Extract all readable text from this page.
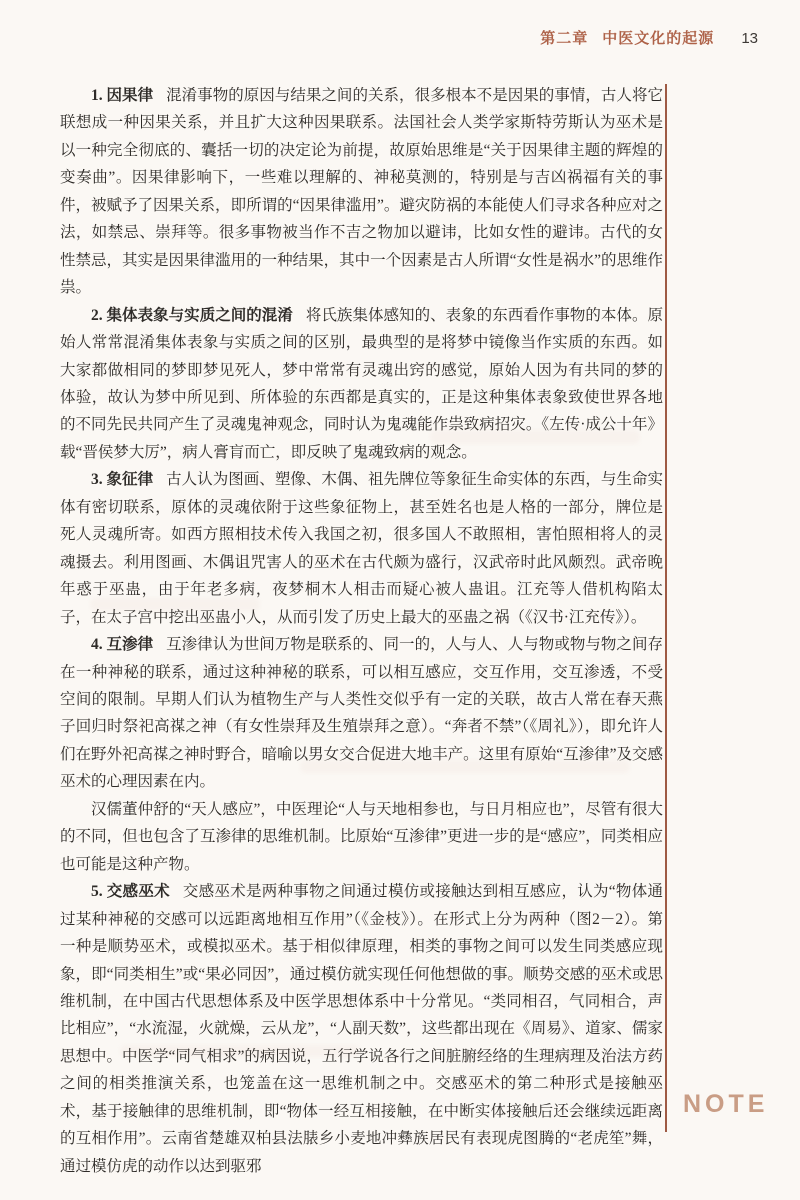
第二章 中医文化的起源 13

1. 因果律 混淆事物的原因与结果之间的关系，很多根本不是因果的事情，古人将它联想成一种因果关系，并且扩大这种因果联系。法国社会人类学家斯特劳斯认为巫术是以一种完全彻底的、囊括一切的决定论为前提，故原始思维是“关于因果律主题的辉煌的变奏曲”。因果律影响下，一些难以理解的、神秘莫测的，特别是与吉凶祸福有关的事件，被赋予了因果关系，即所谓的“因果律滥用”。避灾防祸的本能使人们寻求各种应对之法，如禁忌、崇拜等。很多事物被当作不吉之物加以避讳，比如女性的避讳。古代的女性禁忌，其实是因果律滥用的一种结果，其中一个因素是古人所谓“女性是祸水”的思维作祟。

2. 集体表象与实质之间的混淆 将氏族集体感知的、表象的东西看作事物的本体。原始人常常混淆集体表象与实质之间的区别，最典型的是将梦中镜像当作实质的东西。如大家都做相同的梦即梦见死人，梦中常常有灵魂出窍的感觉，原始人因为有共同的梦的体验，故认为梦中所见到、所体验的东西都是真实的，正是这种集体表象致使世界各地的不同先民共同产生了灵魂鬼神观念，同时认为鬼魂能作祟致病招灾。《左传·成公十年》载“晋侯梦大厉”，病人膏肓而亡，即反映了鬼魂致病的观念。

3. 象征律 古人认为图画、塑像、木偶、祖先牌位等象征生命实体的东西，与生命实体有密切联系，原体的灵魂依附于这些象征物上，甚至姓名也是人格的一部分，牌位是死人灵魂所寄。如西方照相技术传入我国之初，很多国人不敢照相，害怕照相将人的灵魂摄去。利用图画、木偶诅咒害人的巫术在古代颇为盛行，汉武帝时此风颇烈。武帝晚年惑于巫蛊，由于年老多病，夜梦桐木人相击而疑心被人蛊诅。江充等人借机构陷太子，在太子宫中挖出巫蛊小人，从而引发了历史上最大的巫蛊之祸（《汉书·江充传》）。

4. 互渗律 互渗律认为世间万物是联系的、同一的，人与人、人与物或物与物之间存在一种神秘的联系，通过这种神秘的联系，可以相互感应，交互作用，交互渗透，不受空间的限制。早期人们认为植物生产与人类性交似乎有一定的关联，故古人常在春天燕子回归时祭祀高禖之神（有女性崇拜及生殖崇拜之意）。“奔者不禁”（《周礼》），即允许人们在野外祀高禖之神时野合，暗喻以男女交合促进大地丰产。这里有原始“互渗律”及交感巫术的心理因素在内。

汉儒董仲舒的“天人感应”，中医理论“人与天地相参也，与日月相应也”，尽管有很大的不同，但也包含了互渗律的思维机制。比原始“互渗律”更进一步的是“感应”，同类相应也可能是这种产物。

5. 交感巫术 交感巫术是两种事物之间通过模仿或接触达到相互感应，认为“物体通过某种神秘的交感可以远距离地相互作用”（《金枝》）。在形式上分为两种（图2－2）。第一种是顺势巫术，或模拟巫术。基于相似律原理，相类的事物之间可以发生同类感应现象，即“同类相生”或“果必同因”，通过模仿就实现任何他想做的事。顺势交感的巫术或思维机制，在中国古代思想体系及中医学思想体系中十分常见。“类同相召，气同相合，声比相应”，“水流湿，火就燥，云从龙”，“人副天数”，这些都出现在《周易》、道家、儒家思想中。中医学“同气相求”的病因说，五行学说各行之间脏腑经络的生理病理及治法方药之间的相类推演关系，也笼盖在这一思维机制之中。交感巫术的第二种形式是接触巫术，基于接触律的思维机制，即“物体一经互相接触，在中断实体接触后还会继续远距离的互相作用”。云南省楚雄双柏县法脿乡小麦地冲彝族居民有表现虎图腾的“老虎笙”舞，通过模仿虎的动作以达到驱邪

NOTE
